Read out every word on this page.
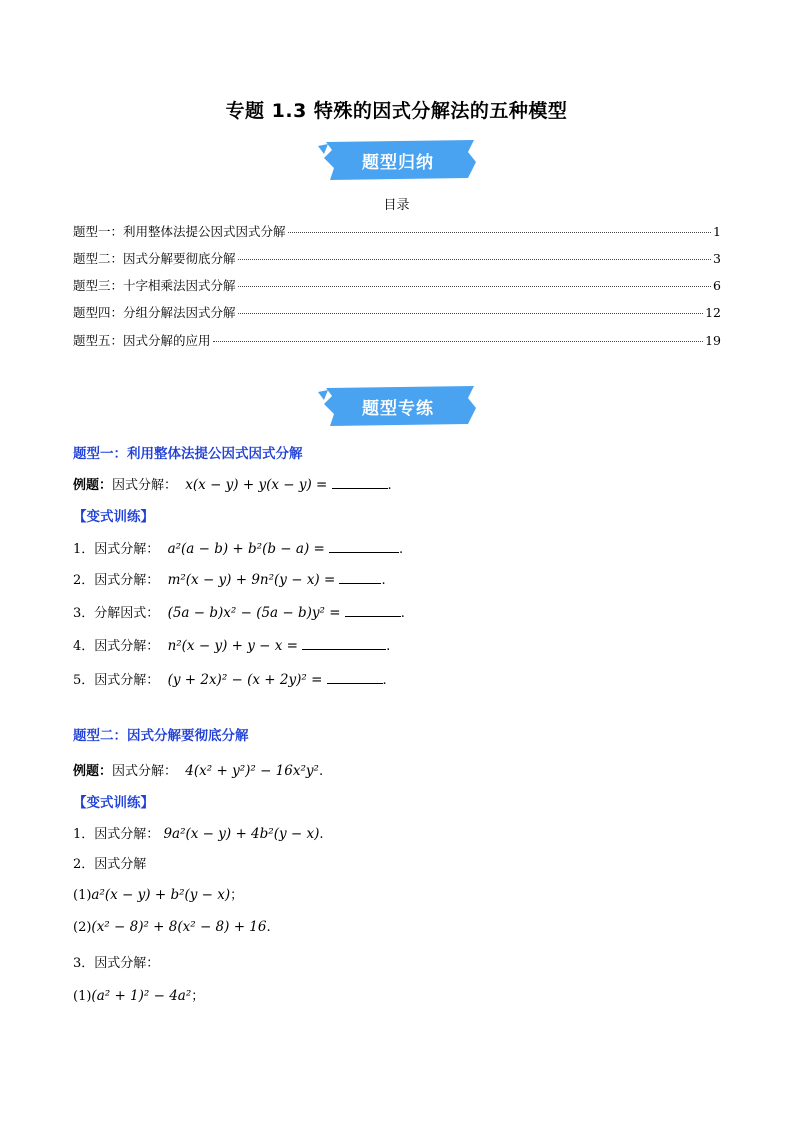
专题 1.3 特殊的因式分解法的五种模型
题型归纳
目录
题型一：利用整体法提公因式因式分解	1
题型二：因式分解要彻底分解	3
题型三：十字相乘法因式分解	6
题型四：分组分解法因式分解	12
题型五：因式分解的应用	19
题型专练
题型一：利用整体法提公因式因式分解
例题：因式分解： x(x − y) + y(x − y) =	.
【变式训练】
1．因式分解： a²(a − b) + b²(b − a) =	.
2．因式分解： m²(x − y) + 9n²(y − x) =	.
3．分解因式： (5a − b)x² − (5a − b)y² =	.
4．因式分解： n²(x − y) + y − x =	.
5．因式分解： (y + 2x)² − (x + 2y)² =	.
题型二：因式分解要彻底分解
例题：因式分解： 4(x² + y²)² − 16x²y².
【变式训练】
1．因式分解： 9a²(x − y) + 4b²(y − x).
2．因式分解
(1)a²(x − y) + b²(y − x)；
(2)(x² − 8)² + 8(x² − 8) + 16.
3．因式分解：
(1)(a² + 1)² − 4a²；
